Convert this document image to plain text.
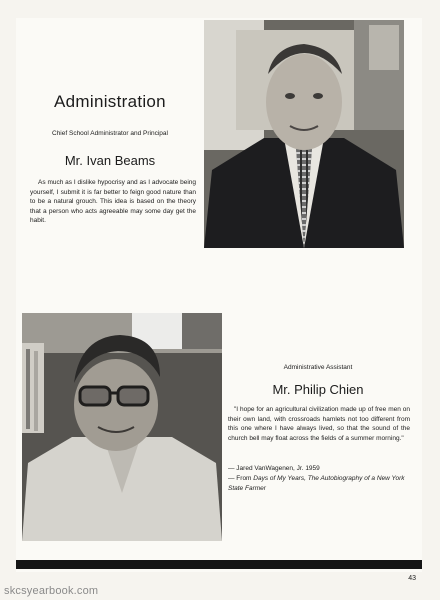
Administration
Chief School Administrator and Principal
Mr. Ivan Beams
As much as I dislike hypocrisy and as I advocate being yourself, I submit it is far better to feign good nature than to be a natural grouch. This idea is based on the theory that a person who acts agreeable may some day get the habit.
Administrative Assistant
Mr. Philip Chien
"I hope for an agricultural civilization made up of free men on their own land, with crossroads hamlets not too different from this one where I have always lived, so that the sound of the church bell may float across the fields of a summer morning."
— Jared VanWagenen, Jr. 1959
— From Days of My Years, The Autobiography of a New York State Farmer
43
skcsyearbook.com
